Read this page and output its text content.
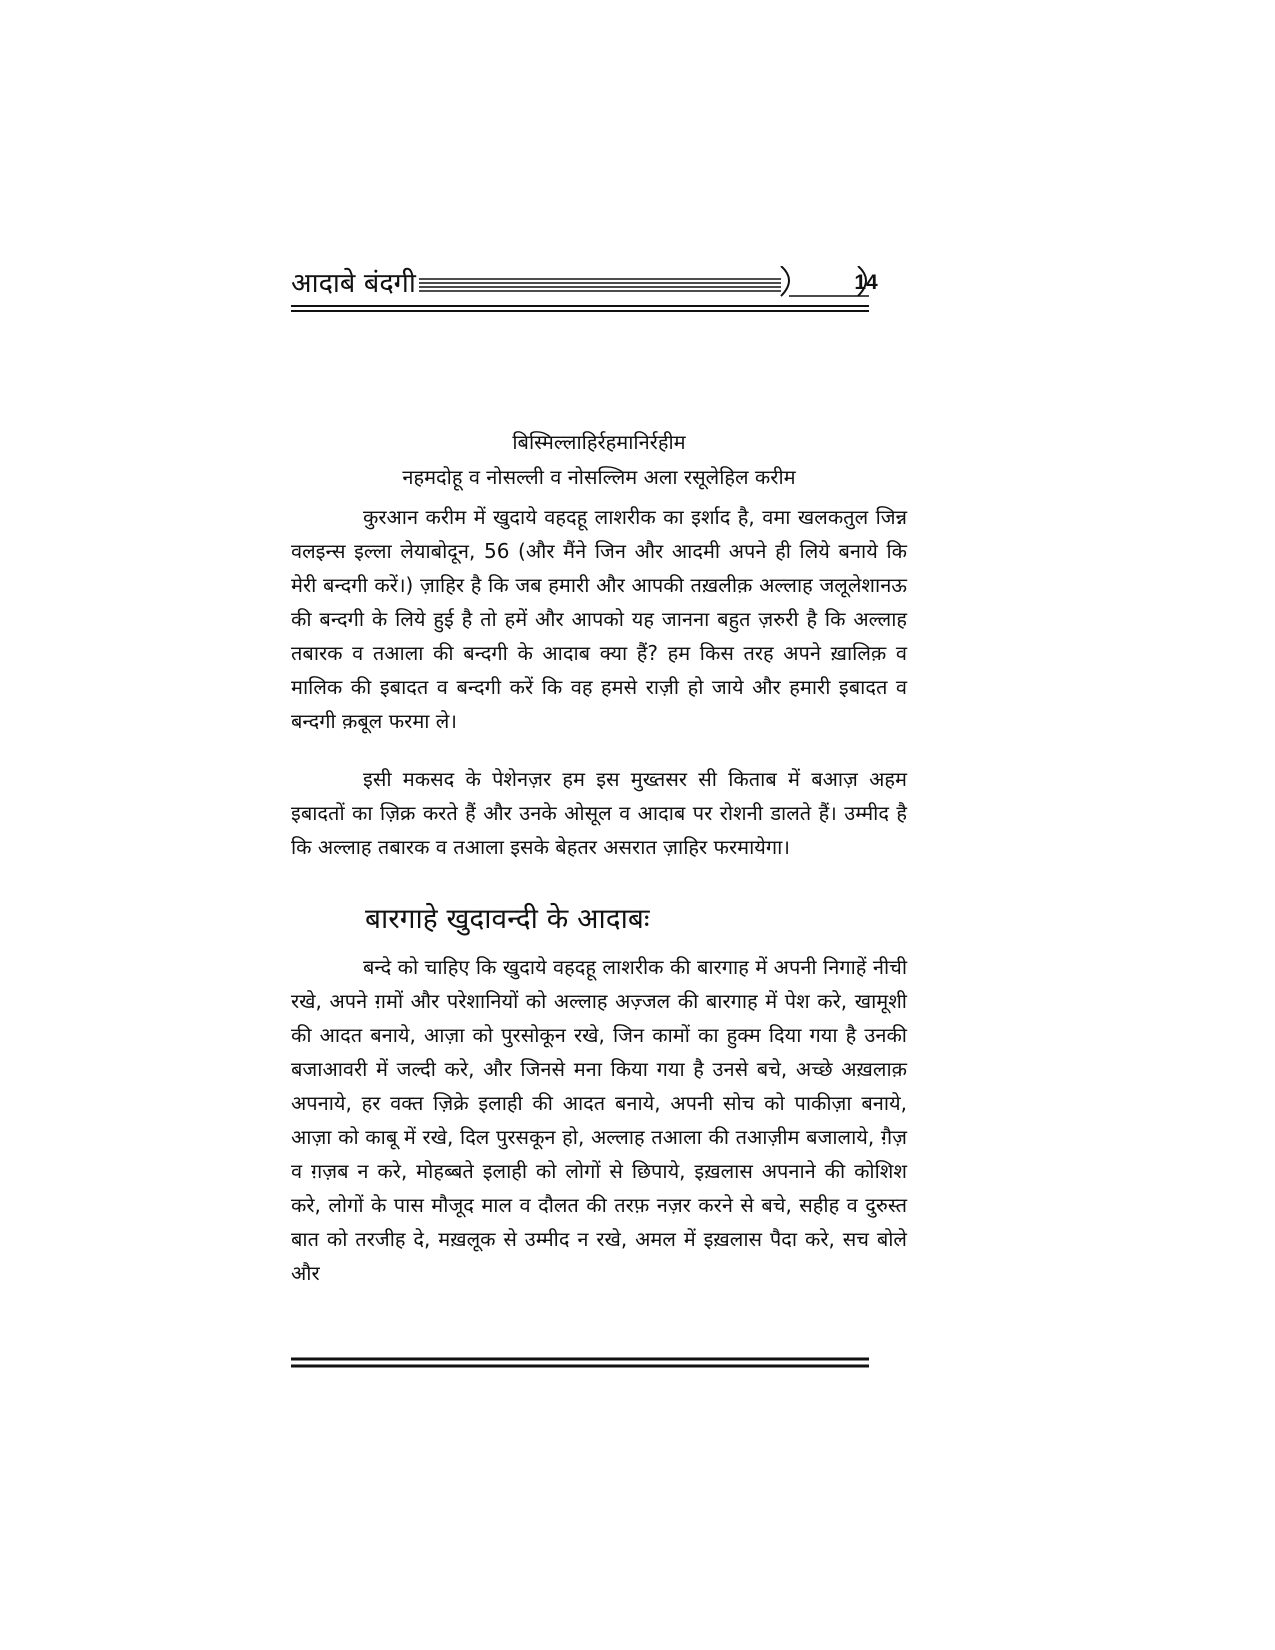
आदाबे बंदगी	14
बिस्मिल्लाहिर्रहमानिर्रहीम
नहमदोहू व नोसल्ली व नोसल्लिम अला रसूलेहिल करीम

कुरआन करीम में खुदाये वहदहू लाशरीक का इर्शाद है, वमा खलकतुल जिन्न वलइन्स इल्ला लेयाबोदून, 56 (और मैंने जिन और आदमी अपने ही लिये बनाये कि मेरी बन्दगी करें।) ज़ाहिर है कि जब हमारी और आपकी तख़लीक़ अल्लाह जलूलेशानऊ की बन्दगी के लिये हुई है तो हमें और आपको यह जानना बहुत ज़रुरी है कि अल्लाह तबारक व तआला की बन्दगी के आदाब क्या हैं? हम किस तरह अपने ख़ालिक़ व मालिक की इबादत व बन्दगी करें कि वह हमसे राज़ी हो जाये और हमारी इबादत व बन्दगी क़बूल फरमा ले।

इसी मकसद के पेशेनज़र हम इस मुख्तसर सी किताब में बआज़ अहम इबादतों का ज़िक्र करते हैं और उनके ओसूल व आदाब पर रोशनी डालते हैं। उम्मीद है कि अल्लाह तबारक व तआला इसके बेहतर असरात ज़ाहिर फरमायेगा।

बारगाहे खुदावन्दी के आदाबः

बन्दे को चाहिए कि खुदाये वहदहू लाशरीक की बारगाह में अपनी निगाहें नीची रखे, अपने ग़मों और परेशानियों को अल्लाह अज़्जल की बारगाह में पेश करे, खामूशी की आदत बनाये, आज़ा को पुरसोकून रखे, जिन कामों का हुक्म दिया गया है उनकी बजाआवरी में जल्दी करे, और जिनसे मना किया गया है उनसे बचे, अच्छे अख़लाक़ अपनाये, हर वक्त ज़िक्रे इलाही की आदत बनाये, अपनी सोच को पाकीज़ा बनाये, आज़ा को काबू में रखे, दिल पुरसकून हो, अल्लाह तआला की तआज़ीम बजालाये, ग़ैज़ व ग़ज़ब न करे, मोहब्बते इलाही को लोगों से छिपाये, इख़लास अपनाने की कोशिश करे, लोगों के पास मौजूद माल व दौलत की तरफ़ नज़र करने से बचे, सहीह व दुरुस्त बात को तरजीह दे, मख़लूक से उम्मीद न रखे, अमल में इख़लास पैदा करे, सच बोले और
